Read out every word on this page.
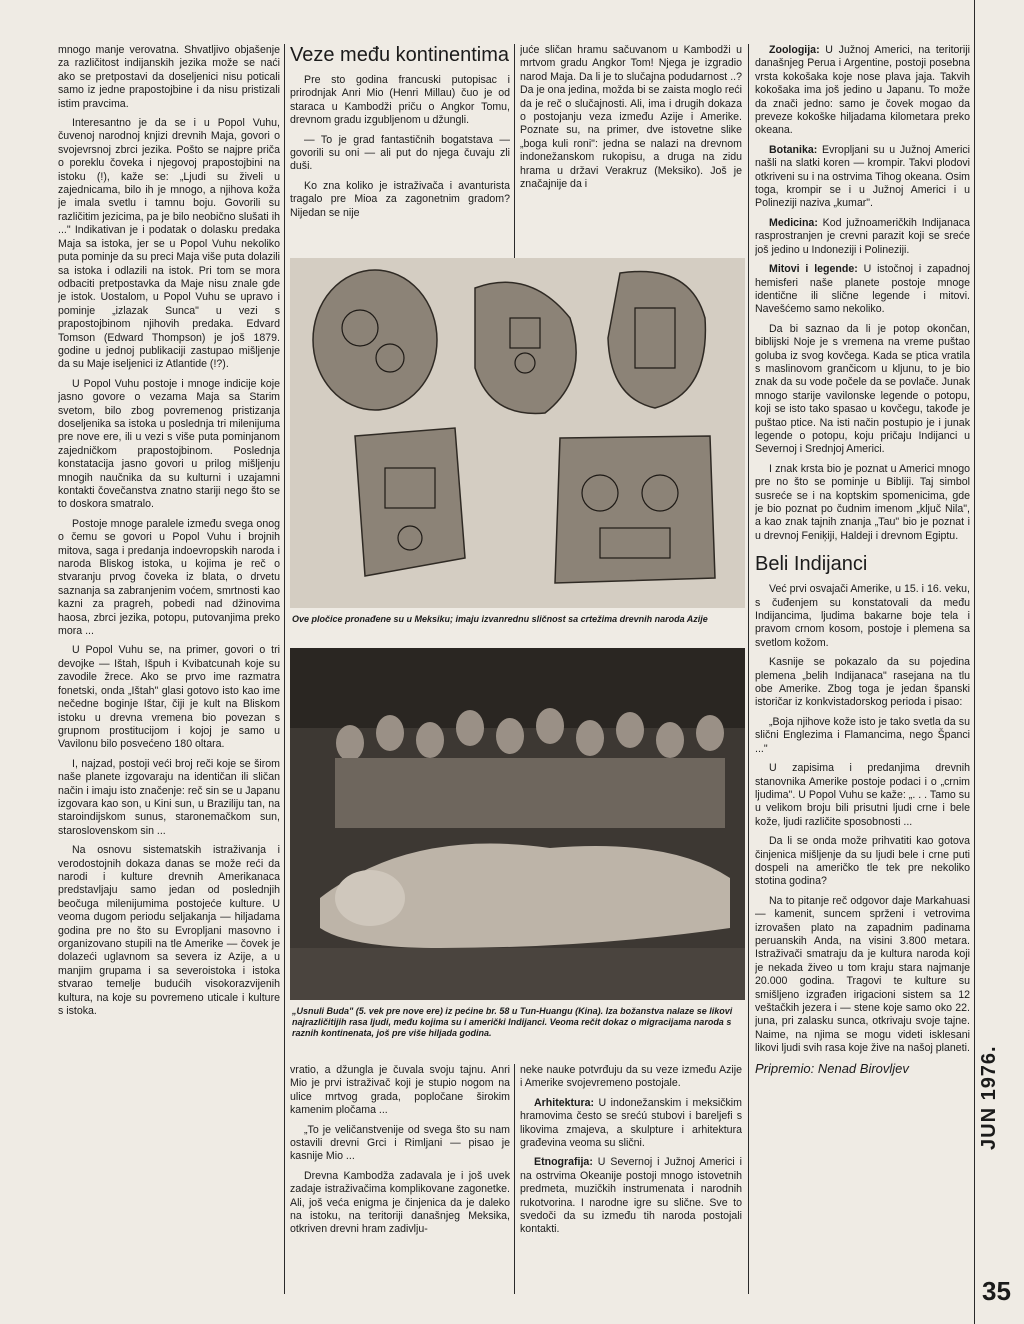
mnogo manje verovatna. Shvatljivo objašenje za različitost indijanskih jezika može se naći ako se pretpostavi da doseljenici nisu poticali samo iz jedne prapostojbine i da nisu pristizali istim pravcima.

Interesantno je da se i u Popol Vuhu, čuvenoj narodnoj knjizi drevnih Maja, govori o svojevrsnoj zbrci jezika. Pošto se najpre priča o poreklu čoveka i njegovoj prapostojbini na istoku (!), kaže se: „Ljudi su živeli u zajednicama, bilo ih je mnogo, a njihova koža je imala svetlu i tamnu boju. Govorili su različitim jezicima, pa je bilo neobično slušati ih ..." Indikativan je i podatak o dolasku predaka Maja sa istoka, jer se u Popol Vuhu nekoliko puta pominje da su preci Maja više puta dolazili sa istoka i odlazili na istok. Pri tom se mora odbaciti pretpostavka da Maje nisu znale gde je istok. Uostalom, u Popol Vuhu se upravo i pominje „izlazak Sunca" u vezi s prapostojbinom njihovih predaka. Edvard Tomson (Edward Thompson) je još 1879. godine u jednoj publikaciji zastupao mišljenje da su Maje iseljenici iz Atlantide (!?).

U Popol Vuhu postoje i mnoge indicije koje jasno govore o vezama Maja sa Starim svetom, bilo zbog povremenog pristizanja doseljenika sa istoka u poslednja tri milenijuma pre nove ere, ili u vezi s više puta pominjanom zajedničkom prapostojbinom. Poslednja konstatacija jasno govori u prilog mišljenju mnogih naučnika da su kulturni i uzajamni kontakti čovečanstva znatno stariji nego što se to doskora smatralo.

Postoje mnoge paralele između svega onog o čemu se govori u Popol Vuhu i brojnih mitova, saga i predanja indoevropskih naroda i naroda Bliskog istoka, u kojima je reč o stvaranju prvog čoveka iz blata, o drvetu saznanja sa zabranjenim voćem, smrtnosti kao kazni za pragreh, pobedi nad džinovima haosa, zbrci jezika, potopu, putovanjima preko mora ...

U Popol Vuhu se, na primer, govori o tri devojke — Ištah, Išpuh i Kvibatcunah koje su zavodile žrece. Ako se prvo ime razmatra fonetski, onda „Ištah" glasi gotovo isto kao ime nečedne boginje Ištar, čiji je kult na Bliskom istoku u drevna vremena bio povezan s grupnom prostitucijom i kojoj je samo u Vavilonu bilo posvećeno 180 oltara.

I, najzad, postoji veći broj reči koje se širom naše planete izgovaraju na identičan ili sličan način i imaju isto značenje: reč sin se u Japanu izgovara kao son, u Kini sun, u Braziliju tan, na staroindijskom sunus, staronemačkom sun, staroslovenskom sin ...

Na osnovu sistematskih istraživanja i verodostojnih dokaza danas se može reći da narodi i kulture drevnih Amerikanaca predstavljaju samo jedan od poslednjih beočuga milenijumima postojeće kulture. U veoma dugom periodu seljakanja — hiljadama godina pre no što su Evropljani masovno i organizovano stupili na tle Amerike — čovek je dolazeći uglavnom sa severa iz Azije, a u manjim grupama i sa severoistoka i istoka stvarao temelje budućih visokorazvijenih kultura, na koje su povremeno uticale i kulture s istoka.

Veze među kontinentima

Pre sto godina francuski putopisac i prirodnjak Anri Mio (Henri Millau) čuo je od staraca u Kambodži priču o Angkor Tomu, drevnom gradu izgubljenom u džungli.

— To je grad fantastičnih bogatstava — govorili su oni — ali put do njega čuvaju zli duši.

Ko zna koliko je istraživača i avanturista tragalo pre Mioa za zagonetnim gradom? Nijedan se nije

juće sličan hramu sačuvanom u Kambodži u mrtvom gradu Angkor Tom! Njega je izgradio narod Maja. Da li je to slučajna podudarnost ..? Da je ona jedina, možda bi se zaista moglo reći da je reč o slučajnosti. Ali, ima i drugih dokaza o postojanju veza između Azije i Amerike. Poznate su, na primer, dve istovetne slike „boga kuli roni": jedna se nalazi na drevnom indonežanskom rukopisu, a druga na zidu hrama u državi Verakruz (Meksiko). Još je značajnije da i

Ove pločice pronađene su u Meksiku; imaju izvanrednu sličnost sa crtežima drevnih naroda Azije
„Usnuli Buda" (5. vek pre nove ere) iz pećine br. 58 u Tun-Huangu (Kina). Iza božanstva nalaze se likovi najrazličitijih rasa ljudi, među kojima su i američki Indijanci. Veoma rečit dokaz o migracijama naroda s raznih kontinenata, još pre više hiljada godina.

vratio, a džungla je čuvala svoju tajnu. Anri Mio je prvi istraživač koji je stupio nogom na ulice mrtvog grada, popločane širokim kamenim pločama ...

„To je veličanstvenije od svega što su nam ostavili drevni Grci i Rimljani — pisao je kasnije Mio ...

Drevna Kambodža zadavala je i još uvek zadaje istraživačima komplikovane zagonetke. Ali, još veća enigma je činjenica da je daleko na istoku, na teritoriji današnjeg Meksika, otkriven drevni hram zadivlju-

neke nauke potvrđuju da su veze između Azije i Amerike svojevremeno postojale.

Arhitektura: U indonežanskim i meksičkim hramovima često se srećú stubovi i bareljefi s likovima zmajeva, a skulpture i arhitektura građevina veoma su slični.

Etnografija: U Severnoj i Južnoj Americi i na ostrvima Okeanije postoji mnogo istovetnih predmeta, muzičkih instrumenata i narodnih rukotvorina. I narodne igre su slične. Sve to svedoči da su između tih naroda postojali kontakti.

Zoologija: U Južnoj Americi, na teritoriji današnjeg Perua i Argentine, postoji posebna vrsta kokošaka koje nose plava jaja. Takvih kokošaka ima još jedino u Japanu. To može da znači jedno: samo je čovek mogao da preveze kokoške hiljadama kilometara preko okeana.

Botanika: Evropljani su u Južnoj Americi našli na slatki koren — krompir. Takvi plodovi otkriveni su i na ostrvima Tihog okeana. Osim toga, krompir se i u Južnoj Americi i u Polineziji naziva „kumar".

Medicina: Kod južnoameričkih Indijanaca rasprostranjen je crevni parazit koji se sreće još jedino u Indoneziji i Polineziji.

Mitovi i legende: U istočnoj i zapadnoj hemisferi naše planete postoje mnoge identične ili slične legende i mitovi. Navešćemo samo nekoliko.

Da bi saznao da li je potop okončan, biblijski Noje je s vremena na vreme puštao goluba iz svog kovčega. Kada se ptica vratila s maslinovom grančicom u kljunu, to je bio znak da su vode počele da se povlače. Junak mnogo starije vavilonske legende o potopu, koji se isto tako spasao u kovčegu, takođe je puštao ptice. Na isti način postupio je i junak legende o potopu, koju pričaju Indijanci u Severnoj i Srednjoj Americi.

I znak krsta bio je poznat u Americi mnogo pre no što se pominje u Bibliji. Taj simbol susreće se i na koptskim spomenicima, gde je bio poznat po čudnim imenom „ključ Nila", a kao znak tajnih znanja „Tau" bio je poznat i u drevnoj Feniķiji, Haldeji i drevnom Egiptu.

Beli Indijanci

Već prvi osvajači Amerike, u 15. i 16. veku, s čuđenjem su konstatovali da među Indijancima, ljudima bakarne boje tela i pravom crnom kosom, postoje i plemena sa svetlom kožom.

Kasnije se pokazalo da su pojedina plemena „belih Indijanaca" rasejana na tlu obe Amerike. Zbog toga je jedan španski istoričar iz konkvistadorskog perioda i pisao:

„Boja njihove kože isto je tako svetla da su slični Englezima i Flamancima, nego Španci ..."

U zapisima i predanjima drevnih stanovnika Amerike postoje podaci i o „crnim ljudima". U Popol Vuhu se kaže: „. . . Tamo su u velikom broju bili prisutni ljudi crne i bele kože, ljudi različite sposobnosti ...

Da li se onda može prihvatiti kao gotova činjenica mišljenje da su ljudi bele i crne puti dospeli na američko tle tek pre nekoliko stotina godina?

Na to pitanje reč odgovor daje Markahuasi — kamenit, suncem sprženi i vetrovima izrovašen plato na zapadnim padinama peruanskih Anda, na visini 3.800 metara. Istraživači smatraju da je kultura naroda koji je nekada živeo u tom kraju stara najmanje 20.000 godina. Tragovi te kulture su smišljeno izgrađen irigacioni sistem sa 12 veštačkih jezera i — stene koje samo oko 22. juna, pri zalasku sunca, otkrivaju svoje tajne. Naime, na njima se mogu videti isklesani likovi ljudi svih rasa koje žive na našoj planeti.

Pripremio: Nenad Birovljev	JUN 1976.
35
